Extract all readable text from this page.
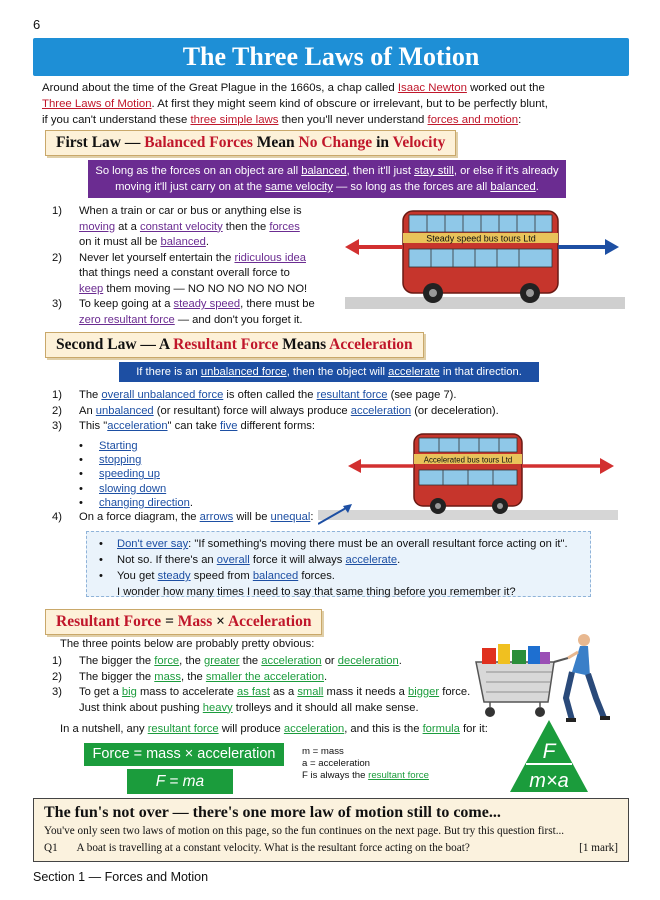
6
The Three Laws of Motion
Around about the time of the Great Plague in the 1660s, a chap called Isaac Newton worked out the
Three Laws of Motion. At first they might seem kind of obscure or irrelevant, but to be perfectly blunt,
if you can't understand these three simple laws then you'll never understand forces and motion:
First Law — Balanced Forces Mean No Change in Velocity
So long as the forces on an object are all balanced, then it'll just stay still, or else if it's already
moving it'll just carry on at the same velocity — so long as the forces are all balanced.
1) When a train or car or bus or anything else is
moving at a constant velocity then the forces
on it must all be balanced.
2) Never let yourself entertain the ridiculous idea
that things need a constant overall force to
keep them moving — NO NO NO NO NO NO!
3) To keep going at a steady speed, there must be
zero resultant force — and don't you forget it.
Steady speed bus tours Ltd
Second Law — A Resultant Force Means Acceleration
If there is an unbalanced force, then the object will accelerate in that direction.
1) The overall unbalanced force is often called the resultant force (see page 7).
2) An unbalanced (or resultant) force will always produce acceleration (or deceleration).
3) This "acceleration" can take five different forms:
• Starting
• stopping
• speeding up
• slowing down
• changing direction.
4) On a force diagram, the arrows will be unequal:
Accelerated bus tours Ltd
• Don't ever say: "If something's moving there must be an overall resultant force acting on it".
• Not so. If there's an overall force it will always accelerate.
• You get steady speed from balanced forces.
I wonder how many times I need to say that same thing before you remember it?
Resultant Force = Mass × Acceleration
The three points below are probably pretty obvious:
1) The bigger the force, the greater the acceleration or deceleration.
2) The bigger the mass, the smaller the acceleration.
3) To get a big mass to accelerate as fast as a small mass it needs a bigger force.
Just think about pushing heavy trolleys and it should all make sense.
In a nutshell, any resultant force will produce acceleration, and this is the formula for it:
Force = mass × acceleration
F = ma
m = mass
a = acceleration
F is always the resultant force
F
m×a
The fun's not over — there's one more law of motion still to come...
You've only seen two laws of motion on this page, so the fun continues on the next page. But try this question first...
Q1 A boat is travelling at a constant velocity. What is the resultant force acting on the boat?	[1 mark]
Section 1 — Forces and Motion
